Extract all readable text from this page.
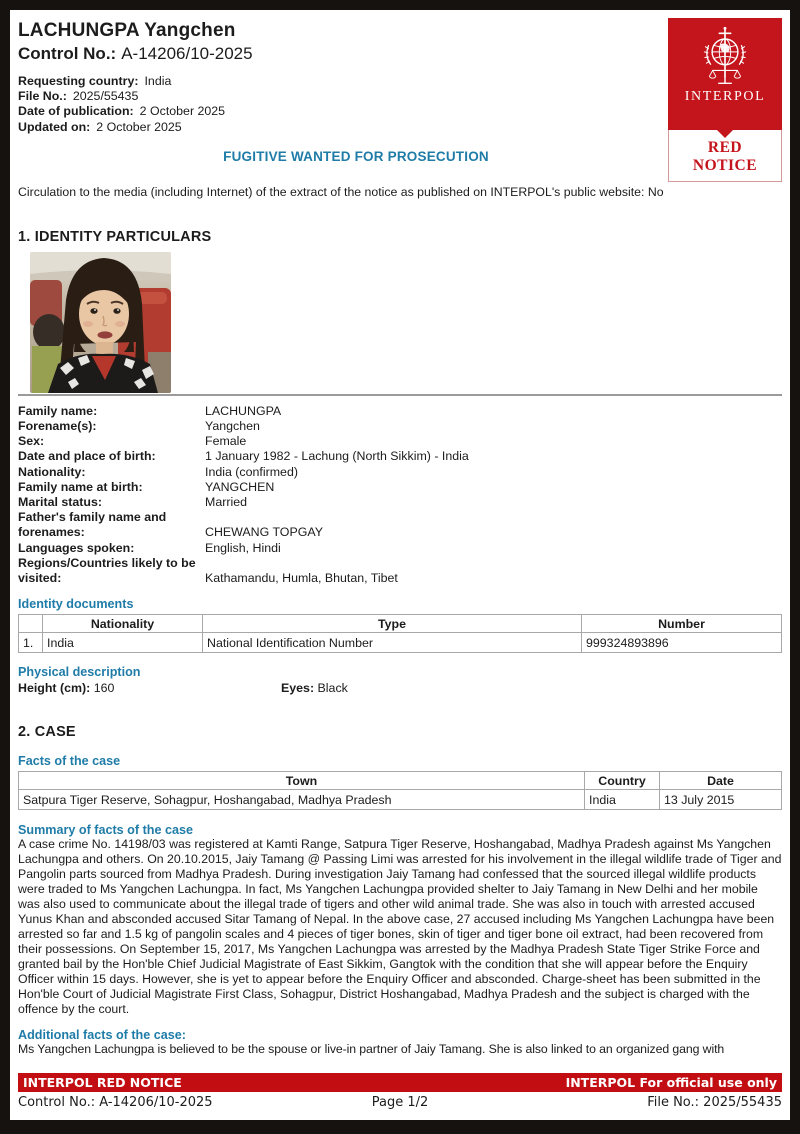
INTERPOL
RED
NOTICE
LACHUNGPA Yangchen
Control No.: A-14206/10-2025
Requesting country: India
File No.: 2025/55435
Date of publication: 2 October 2025
Updated on: 2 October 2025
FUGITIVE WANTED FOR PROSECUTION
Circulation to the media (including Internet) of the extract of the notice as published on INTERPOL's public website: No
1. IDENTITY PARTICULARS
Family name:	LACHUNGPA
Forename(s):	Yangchen
Sex:	Female
Date and place of birth:	1 January 1982 - Lachung (North Sikkim) - India
Nationality:	India (confirmed)
Family name at birth:	YANGCHEN
Marital status:	Married
Father's family name and forenames:	CHEWANG TOPGAY
Languages spoken:	English, Hindi
Regions/Countries likely to be visited:	Kathamandu, Humla, Bhutan, Tibet
Identity documents
	Nationality	Type	Number
1.	India	National Identification Number	999324893896
Physical description
Height (cm): 160	Eyes: Black
2. CASE
Facts of the case
Town	Country	Date
Satpura Tiger Reserve, Sohagpur, Hoshangabad, Madhya Pradesh	India	13 July 2015
Summary of facts of the case
A case crime No. 14198/03 was registered at Kamti Range, Satpura Tiger Reserve, Hoshangabad, Madhya Pradesh against Ms Yangchen Lachungpa and others. On 20.10.2015, Jaiy Tamang @ Passing Limi was arrested for his involvement in the illegal wildlife trade of Tiger and Pangolin parts sourced from Madhya Pradesh. During investigation Jaiy Tamang had confessed that the sourced illegal wildlife products were traded to Ms Yangchen Lachungpa. In fact, Ms Yangchen Lachungpa provided shelter to Jaiy Tamang in New Delhi and her mobile was also used to communicate about the illegal trade of tigers and other wild animal trade. She was also in touch with arrested accused Yunus Khan and absconded accused Sitar Tamang of Nepal. In the above case, 27 accused including Ms Yangchen Lachungpa have been arrested so far and 1.5 kg of pangolin scales and 4 pieces of tiger bones, skin of tiger and tiger bone oil extract, had been recovered from their possessions. On September 15, 2017, Ms Yangchen Lachungpa was arrested by the Madhya Pradesh State Tiger Strike Force and granted bail by the Hon'ble Chief Judicial Magistrate of East Sikkim, Gangtok with the condition that she will appear before the Enquiry Officer within 15 days. However, she is yet to appear before the Enquiry Officer and absconded. Charge-sheet has been submitted in the Hon'ble Court of Judicial Magistrate First Class, Sohagpur, District Hoshangabad, Madhya Pradesh and the subject is charged with the offence by the court.
Additional facts of the case:
Ms Yangchen Lachungpa is believed to be the spouse or live-in partner of Jaiy Tamang. She is also linked to an organized gang with
INTERPOL RED NOTICE	INTERPOL For official use only
Control No.: A-14206/10-2025	Page 1/2	File No.: 2025/55435
